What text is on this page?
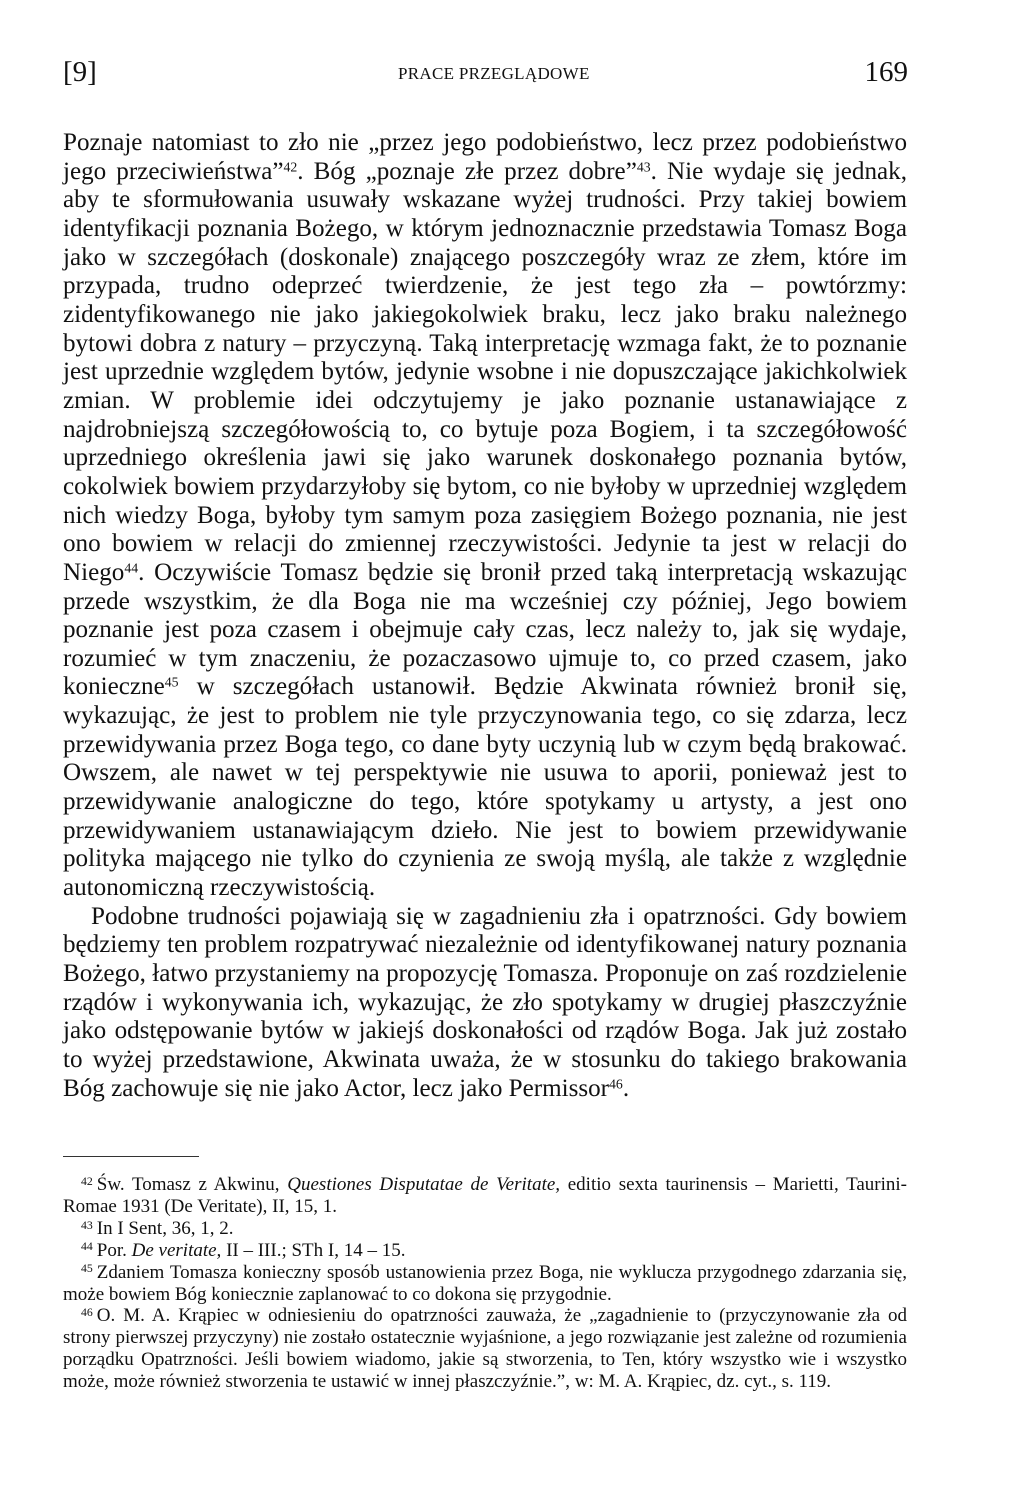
[9]	PRACE PRZEGLĄDOWE	169

Poznaje natomiast to zło nie „przez jego podobieństwo, lecz przez podobieństwo jego przeciwieństwa”$^{42}$. Bóg „poznaje złe przez dobre”$^{43}$. Nie wydaje się jednak, aby te sformułowania usuwały wskazane wyżej trudności. Przy takiej bowiem identyfikacji poznania Bożego, w którym jednoznacznie przedstawia Tomasz Boga jako w szczegółach (doskonale) znającego poszczegóły wraz ze złem, które im przypada, trudno odeprzeć twierdzenie, że jest tego zła – powtórzmy: zidentyfikowanego nie jako jakiegokolwiek braku, lecz jako braku należnego bytowi dobra z natury – przyczyną. Taką interpretację wzmaga fakt, że to poznanie jest uprzednie względem bytów, jedynie wsobne i nie dopuszczające jakichkolwiek zmian. W problemie idei odczytujemy je jako poznanie ustanawiające z najdrobniejszą szczegółowością to, co bytuje poza Bogiem, i ta szczegółowość uprzedniego określenia jawi się jako warunek doskonałego poznania bytów, cokolwiek bowiem przydarzyłoby się bytom, co nie byłoby w uprzedniej względem nich wiedzy Boga, byłoby tym samym poza zasięgiem Bożego poznania, nie jest ono bowiem w relacji do zmiennej rzeczywistości. Jedynie ta jest w relacji do Niego$^{44}$. Oczywiście Tomasz będzie się bronił przed taką interpretacją wskazując przede wszystkim, że dla Boga nie ma wcześniej czy później, Jego bowiem poznanie jest poza czasem i obejmuje cały czas, lecz należy to, jak się wydaje, rozumieć w tym znaczeniu, że pozaczasowo ujmuje to, co przed czasem, jako konieczne$^{45}$ w szczegółach ustanowił. Będzie Akwinata również bronił się, wykazując, że jest to problem nie tyle przyczynowania tego, co się zdarza, lecz przewidywania przez Boga tego, co dane byty uczynią lub w czym będą brakować. Owszem, ale nawet w tej perspektywie nie usuwa to aporii, ponieważ jest to przewidywanie analogiczne do tego, które spotykamy u artysty, a jest ono przewidywaniem ustanawiającym dzieło. Nie jest to bowiem przewidywanie polityka mającego nie tylko do czynienia ze swoją myślą, ale także z względnie autonomiczną rzeczywistością.

Podobne trudności pojawiają się w zagadnieniu zła i opatrzności. Gdy bowiem będziemy ten problem rozpatrywać niezależnie od identyfikowanej natury poznania Bożego, łatwo przystaniemy na propozycję Tomasza. Proponuje on zaś rozdzielenie rządów i wykonywania ich, wykazując, że zło spotykamy w drugiej płaszczyźnie jako odstępowanie bytów w jakiejś doskonałości od rządów Boga. Jak już zostało to wyżej przedstawione, Akwinata uważa, że w stosunku do takiego brakowania Bóg zachowuje się nie jako Actor, lecz jako Permissor$^{46}$.

$^{42}$ Św. Tomasz z Akwinu, Questiones Disputatae de Veritate, editio sexta taurinensis – Marietti, Taurini-Romae 1931 (De Veritate), II, 15, 1.

$^{43}$ In I Sent, 36, 1, 2.

$^{44}$ Por. De veritate, II – III.; STh I, 14 – 15.

$^{45}$ Zdaniem Tomasza konieczny sposób ustanowienia przez Boga, nie wyklucza przygodnego zdarzania się, może bowiem Bóg koniecznie zaplanować to co dokona się przygodnie.

$^{46}$ O. M. A. Krąpiec w odniesieniu do opatrzności zauważa, że „zagadnienie to (przyczynowanie zła od strony pierwszej przyczyny) nie zostało ostatecznie wyjaśnione, a jego rozwiązanie jest zależne od rozumienia porządku Opatrzności. Jeśli bowiem wiadomo, jakie są stworzenia, to Ten, który wszystko wie i wszystko może, może również stworzenia te ustawić w innej płaszczyźnie.”, w: M. A. Krąpiec, dz. cyt., s. 119.
